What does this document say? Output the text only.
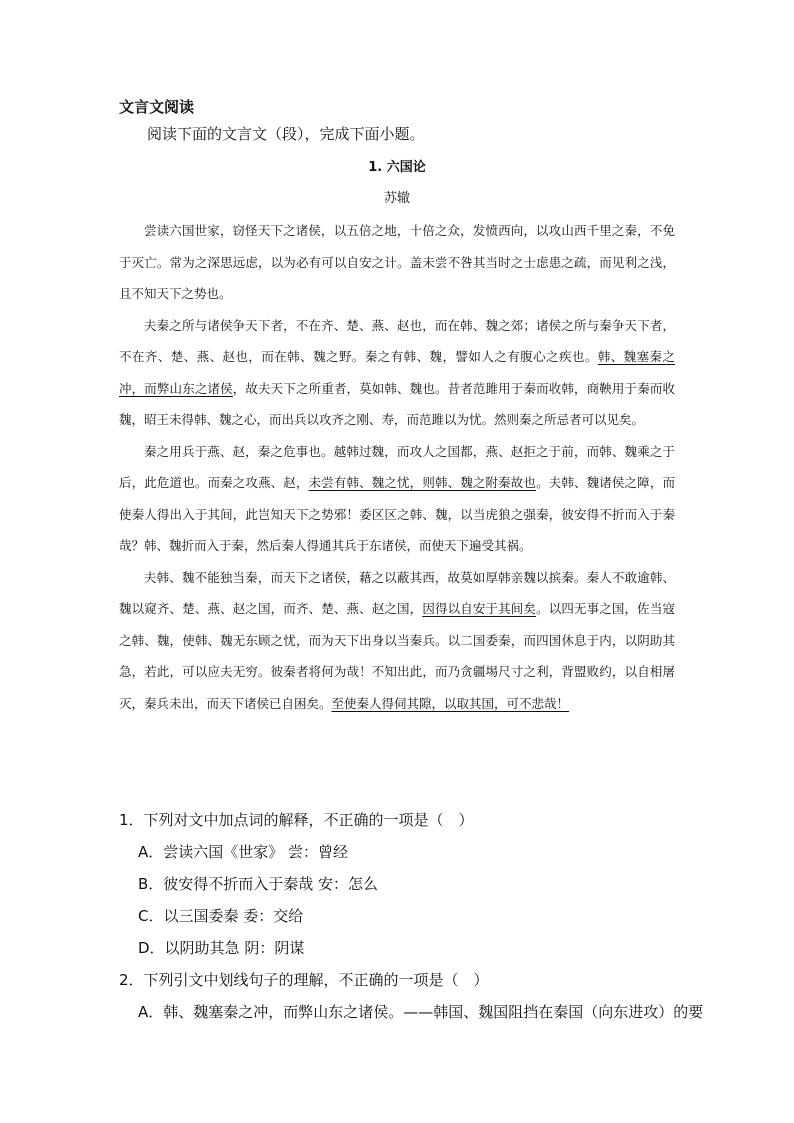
文言文阅读
阅读下面的文言文（段），完成下面小题。
1. 六国论
苏辙

尝读六国世家，窃怪天下之诸侯，以五倍之地，十倍之众，发愤西向，以攻山西千里之秦，不免于灭亡。常为之深思远虑，以为必有可以自安之计。盖未尝不咎其当时之士虑患之疏，而见利之浅，且不知天下之势也。

夫秦之所与诸侯争天下者，不在齐、楚、燕、赵也，而在韩、魏之郊；诸侯之所与秦争天下者，不在齐、楚、燕、赵也，而在韩、魏之野。秦之有韩、魏，譬如人之有腹心之疾也。韩、魏塞秦之冲，而弊山东之诸侯，故夫天下之所重者，莫如韩、魏也。昔者范雎用于秦而收韩，商鞅用于秦而收魏，昭王未得韩、魏之心，而出兵以攻齐之刚、寿，而范雎以为忧。然则秦之所忌者可以见矣。

秦之用兵于燕、赵，秦之危事也。越韩过魏，而攻人之国都，燕、赵拒之于前，而韩、魏乘之于后，此危道也。而秦之攻燕、赵，未尝有韩、魏之忧，则韩、魏之附秦故也。夫韩、魏诸侯之障，而使秦人得出入于其间，此岂知天下之势邪！委区区之韩、魏，以当虎狼之强秦，彼安得不折而入于秦哉？韩、魏折而入于秦，然后秦人得通其兵于东诸侯，而使天下遍受其祸。

夫韩、魏不能独当秦，而天下之诸侯，藉之以蔽其西，故莫如厚韩亲魏以摈秦。秦人不敢逾韩、魏以窥齐、楚、燕、赵之国，而齐、楚、燕、赵之国，因得以自安于其间矣。以四无事之国，佐当寇之韩、魏，使韩、魏无东顾之忧，而为天下出身以当秦兵。以二国委秦，而四国休息于内，以阴助其急，若此，可以应夫无穷。彼秦者将何为哉！不知出此，而乃贪疆埸尺寸之利，背盟败约，以自相屠灭，秦兵未出，而天下诸侯已自困矣。至使秦人得伺其隙，以取其国，可不悲哉！

1．下列对文中加点词的解释，不正确的一项是（　）
A．尝读六国《世家》 尝：曾经
B．彼安得不折而入于秦哉 安：怎么
C．以三国委秦 委：交给
D．以阴助其急 阴：阴谋
2．下列引文中划线句子的理解，不正确的一项是（　）
A．韩、魏塞秦之冲，而弊山东之诸侯。——韩国、魏国阻挡在秦国（向东进攻）的要
